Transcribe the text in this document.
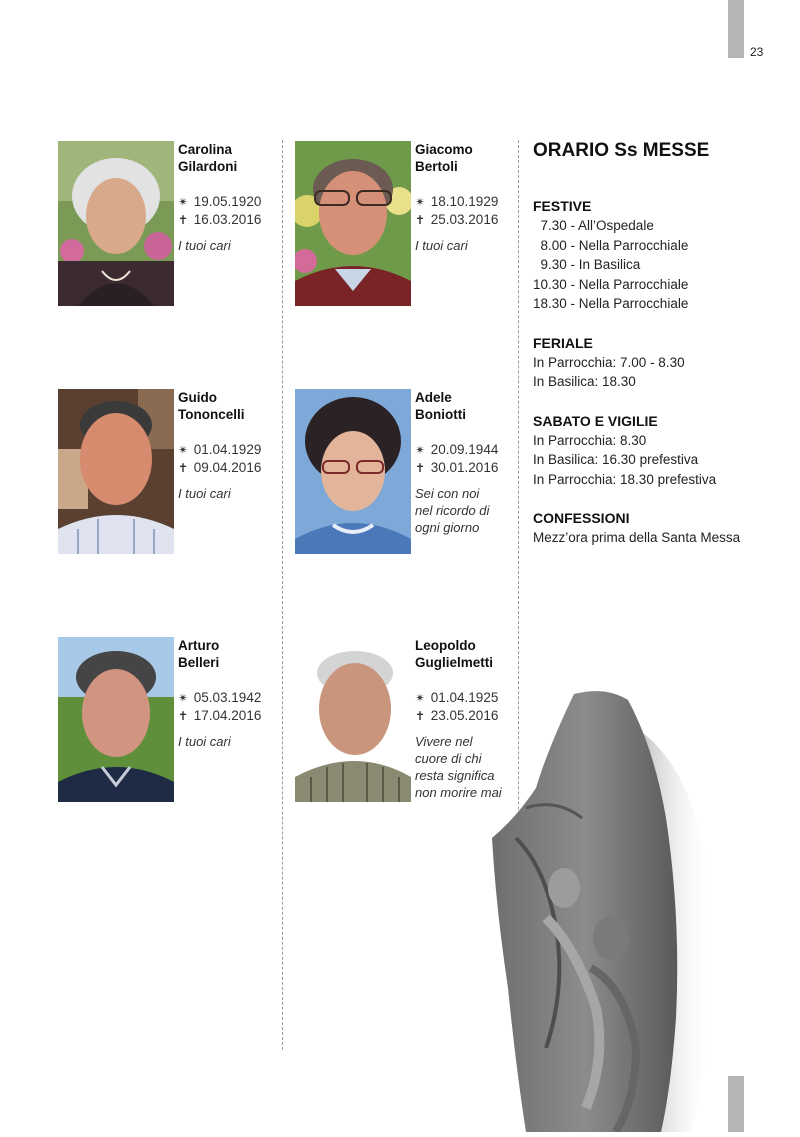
23
Carolina
Gilardoni
✴ 19.05.1920
✝ 16.03.2016
I tuoi cari
Giacomo
Bertoli
✴ 18.10.1929
✝ 25.03.2016
I tuoi cari
Guido
Tononcelli
✴ 01.04.1929
✝ 09.04.2016
I tuoi cari
Adele
Boniotti
✴ 20.09.1944
✝ 30.01.2016
Sei con noi
nel ricordo di
ogni giorno
Arturo
Belleri
✴ 05.03.1942
✝ 17.04.2016
I tuoi cari
Leopoldo
Guglielmetti
✴ 01.04.1925
✝ 23.05.2016
Vivere nel
cuore di chi
resta significa
non morire mai
ORARIO Ss MESSE
FESTIVE
7.30 - All’Ospedale
8.00 - Nella Parrocchiale
9.30 - In Basilica
10.30 - Nella Parrocchiale
18.30 - Nella Parrocchiale
FERIALE
In Parrocchia: 7.00 - 8.30
In Basilica: 18.30
SABATO E VIGILIE
In Parrocchia: 8.30
In Basilica: 16.30 prefestiva
In Parrocchia: 18.30 prefestiva
CONFESSIONI
Mezz’ora prima della Santa Messa
